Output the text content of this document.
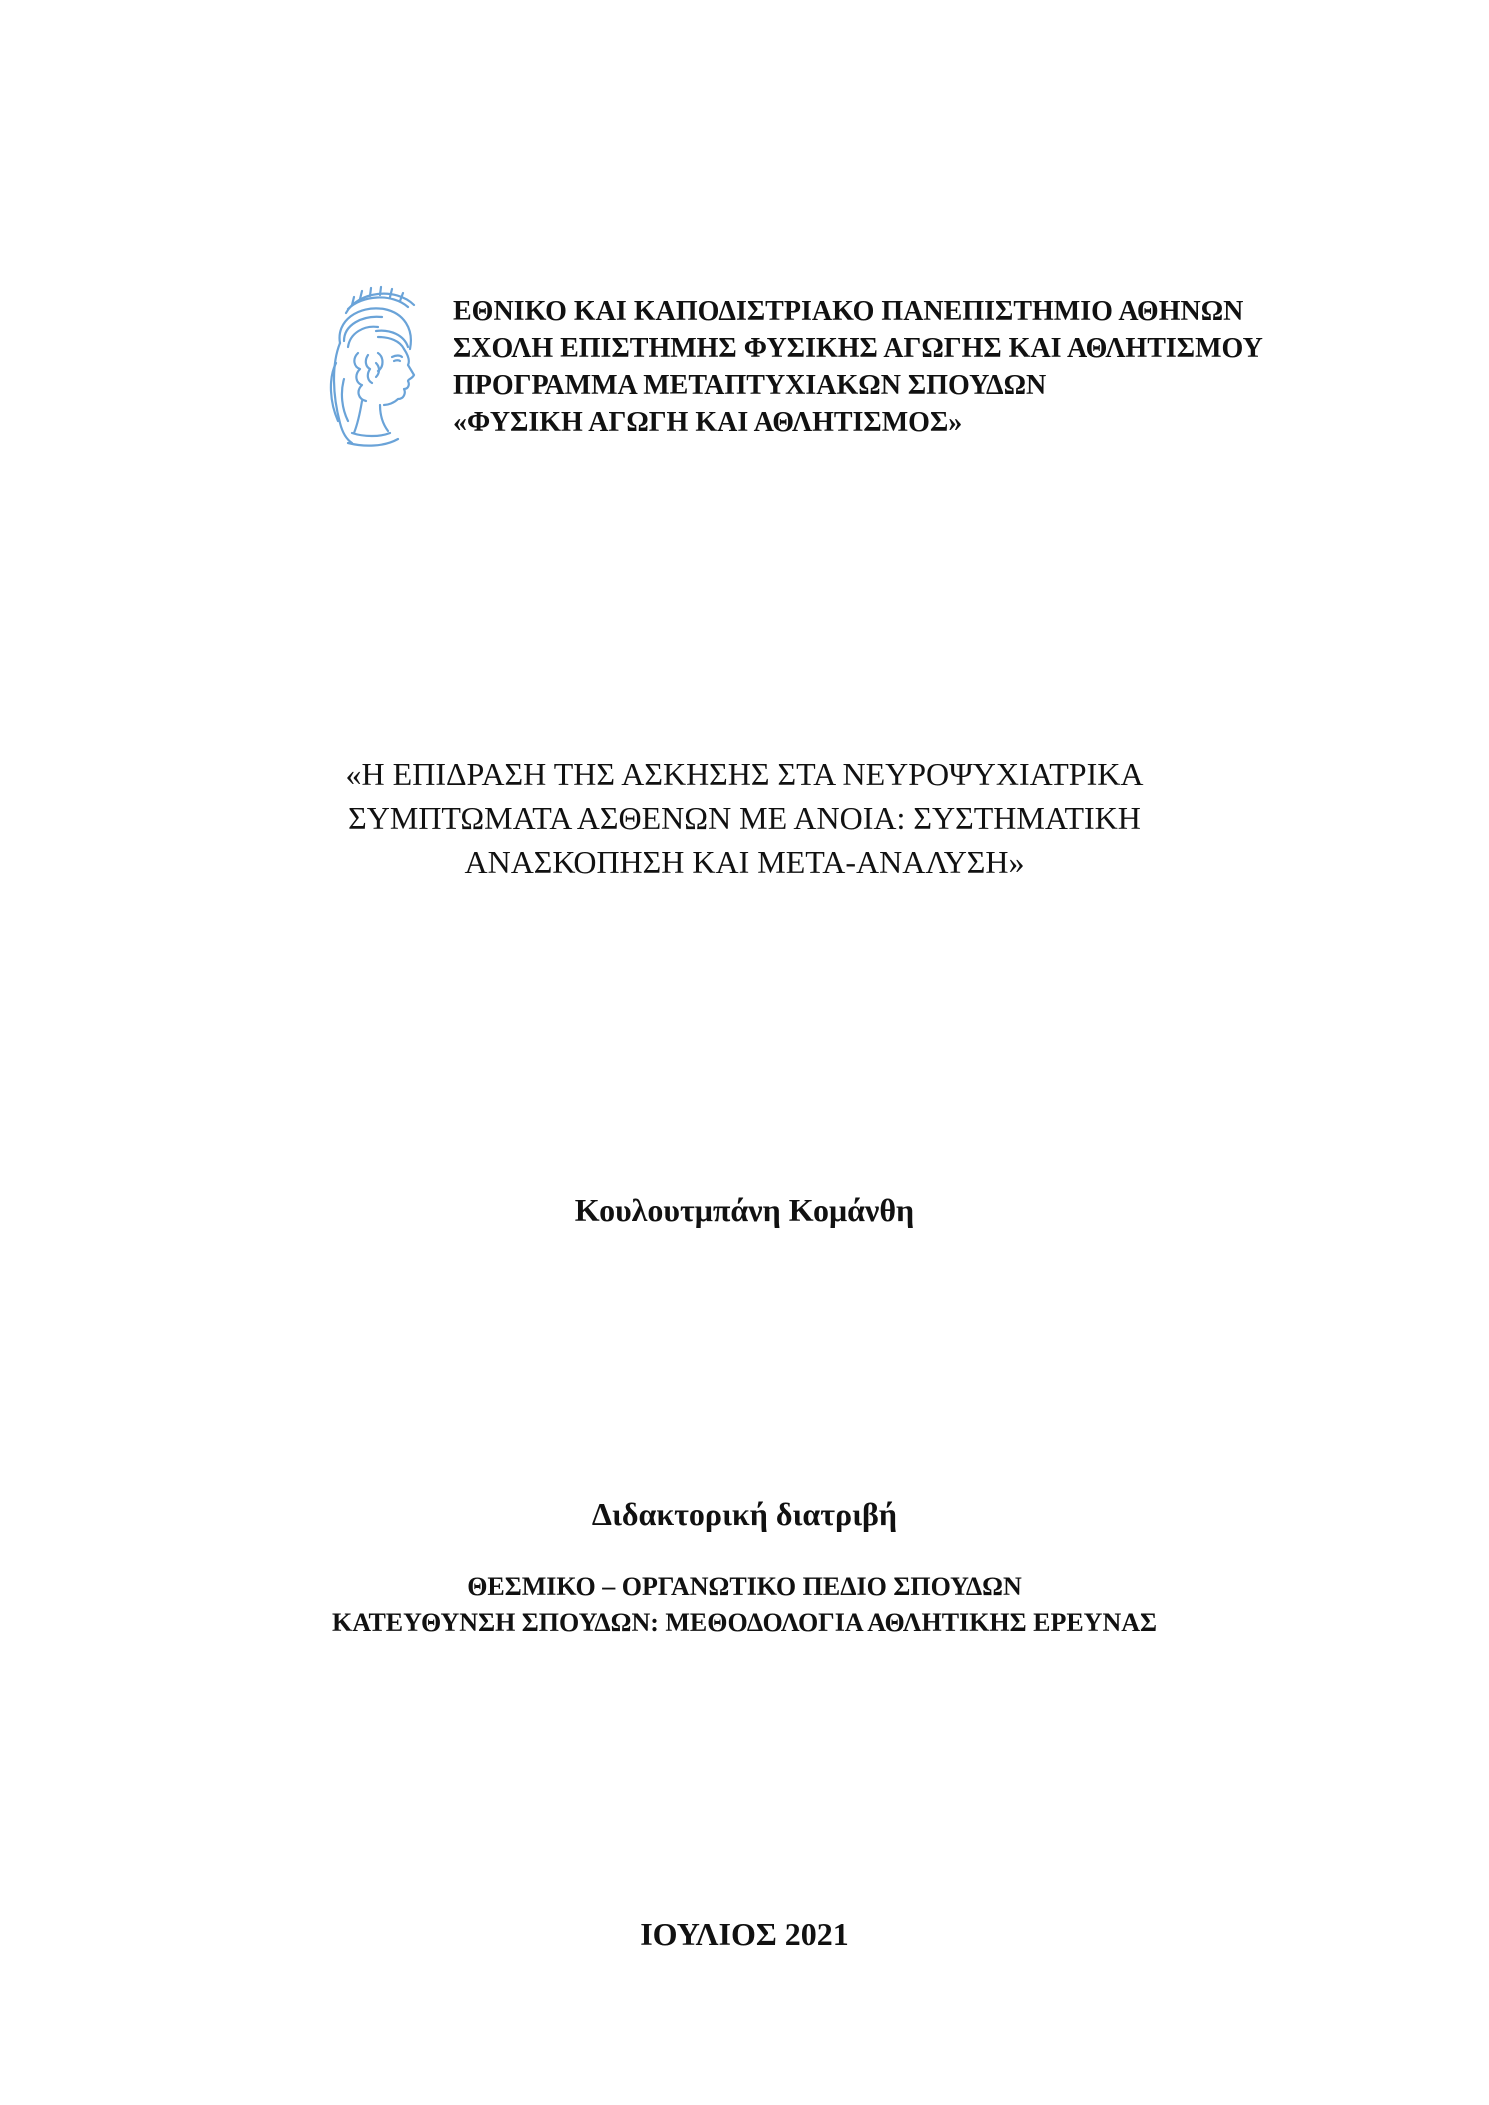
ΕΘΝΙΚΟ ΚΑΙ ΚΑΠΟΔΙΣΤΡΙΑΚΟ ΠΑΝΕΠΙΣΤΗΜΙΟ ΑΘΗΝΩΝ
ΣΧΟΛΗ ΕΠΙΣΤΗΜΗΣ ΦΥΣΙΚΗΣ ΑΓΩΓΗΣ ΚΑΙ ΑΘΛΗΤΙΣΜΟΥ
ΠΡΟΓΡΑΜΜΑ ΜΕΤΑΠΤΥΧΙΑΚΩΝ ΣΠΟΥΔΩΝ
«ΦΥΣΙΚΗ ΑΓΩΓΗ ΚΑΙ ΑΘΛΗΤΙΣΜΟΣ»
«Η ΕΠΙΔΡΑΣΗ ΤΗΣ ΑΣΚΗΣΗΣ ΣΤΑ ΝΕΥΡΟΨΥΧΙΑΤΡΙΚΑ
ΣΥΜΠΤΩΜΑΤΑ ΑΣΘΕΝΩΝ ΜΕ ΑΝΟΙΑ: ΣΥΣΤΗΜΑΤΙΚΗ
ΑΝΑΣΚΟΠΗΣΗ ΚΑΙ ΜΕΤΑ-ΑΝΑΛΥΣΗ»
Κουλουτμπάνη Κομάνθη
Διδακτορική διατριβή
ΘΕΣΜΙΚΟ – ΟΡΓΑΝΩΤΙΚΟ ΠΕΔΙΟ ΣΠΟΥΔΩΝ
ΚΑΤΕΥΘΥΝΣΗ ΣΠΟΥΔΩΝ: ΜΕΘΟΔΟΛΟΓΙΑ ΑΘΛΗΤΙΚΗΣ ΕΡΕΥΝΑΣ
ΙΟΥΛΙΟΣ 2021
